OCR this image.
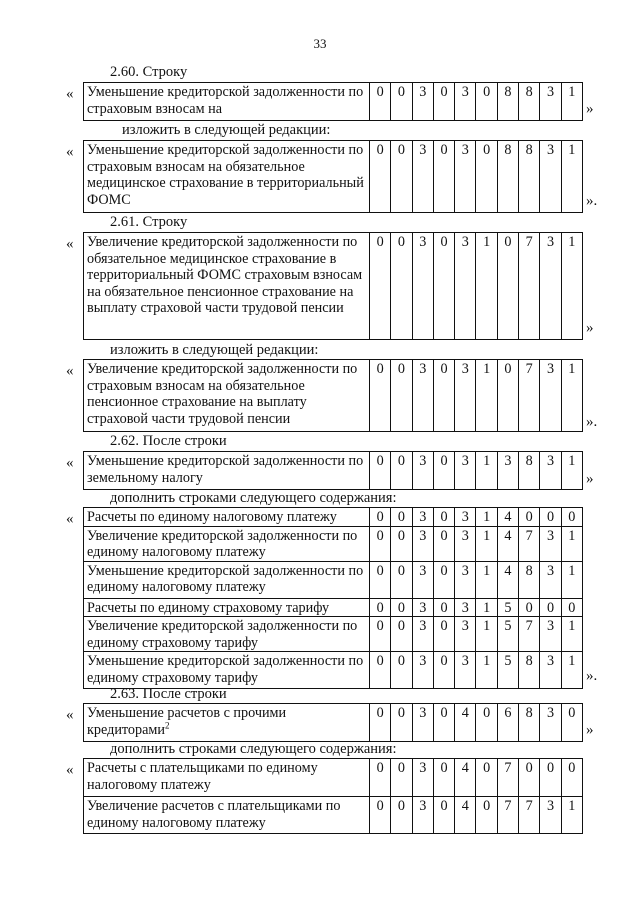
33
2.60. Строку
« Уменьшение кредиторской задолженности по страховым взносам на	0	0	3	0	3	0	8	8	3	1
»
изложить в следующей редакции:
« Уменьшение кредиторской задолженности по страховым взносам на обязательное медицинское страхование в территориальный ФОМС	0	0	3	0	3	0	8	8	3	1
».
2.61. Строку
« Увеличение кредиторской задолженности по обязательное медицинское страхование в территориальный ФОМС страховым взносам на обязательное пенсионное страхование на выплату страховой части трудовой пенсии	0	0	3	0	3	1	0	7	3	1
»
изложить в следующей редакции:
« Увеличение кредиторской задолженности по страховым взносам на обязательное пенсионное страхование на выплату страховой части трудовой пенсии	0	0	3	0	3	1	0	7	3	1
».
2.62. После строки
« Уменьшение кредиторской задолженности по земельному налогу	0	0	3	0	3	1	3	8	3	1
»
дополнить строками следующего содержания:
« Расчеты по единому налоговому платежу	0	0	3	0	3	1	4	0	0	0
Увеличение кредиторской задолженности по единому налоговому платежу	0	0	3	0	3	1	4	7	3	1
Уменьшение кредиторской задолженности по единому налоговому платежу	0	0	3	0	3	1	4	8	3	1
Расчеты по единому страховому тарифу	0	0	3	0	3	1	5	0	0	0
Увеличение кредиторской задолженности по единому страховому тарифу	0	0	3	0	3	1	5	7	3	1
Уменьшение кредиторской задолженности по единому страховому тарифу	0	0	3	0	3	1	5	8	3	1
».
2.63. После строки
« Уменьшение расчетов с прочими кредиторами$^2$	0	0	3	0	4	0	6	8	3	0
»
дополнить строками следующего содержания:
« Расчеты с плательщиками по единому налоговому платежу	0	0	3	0	4	0	7	0	0	0
Увеличение расчетов с плательщиками по единому налоговому платежу	0	0	3	0	4	0	7	7	3	1
